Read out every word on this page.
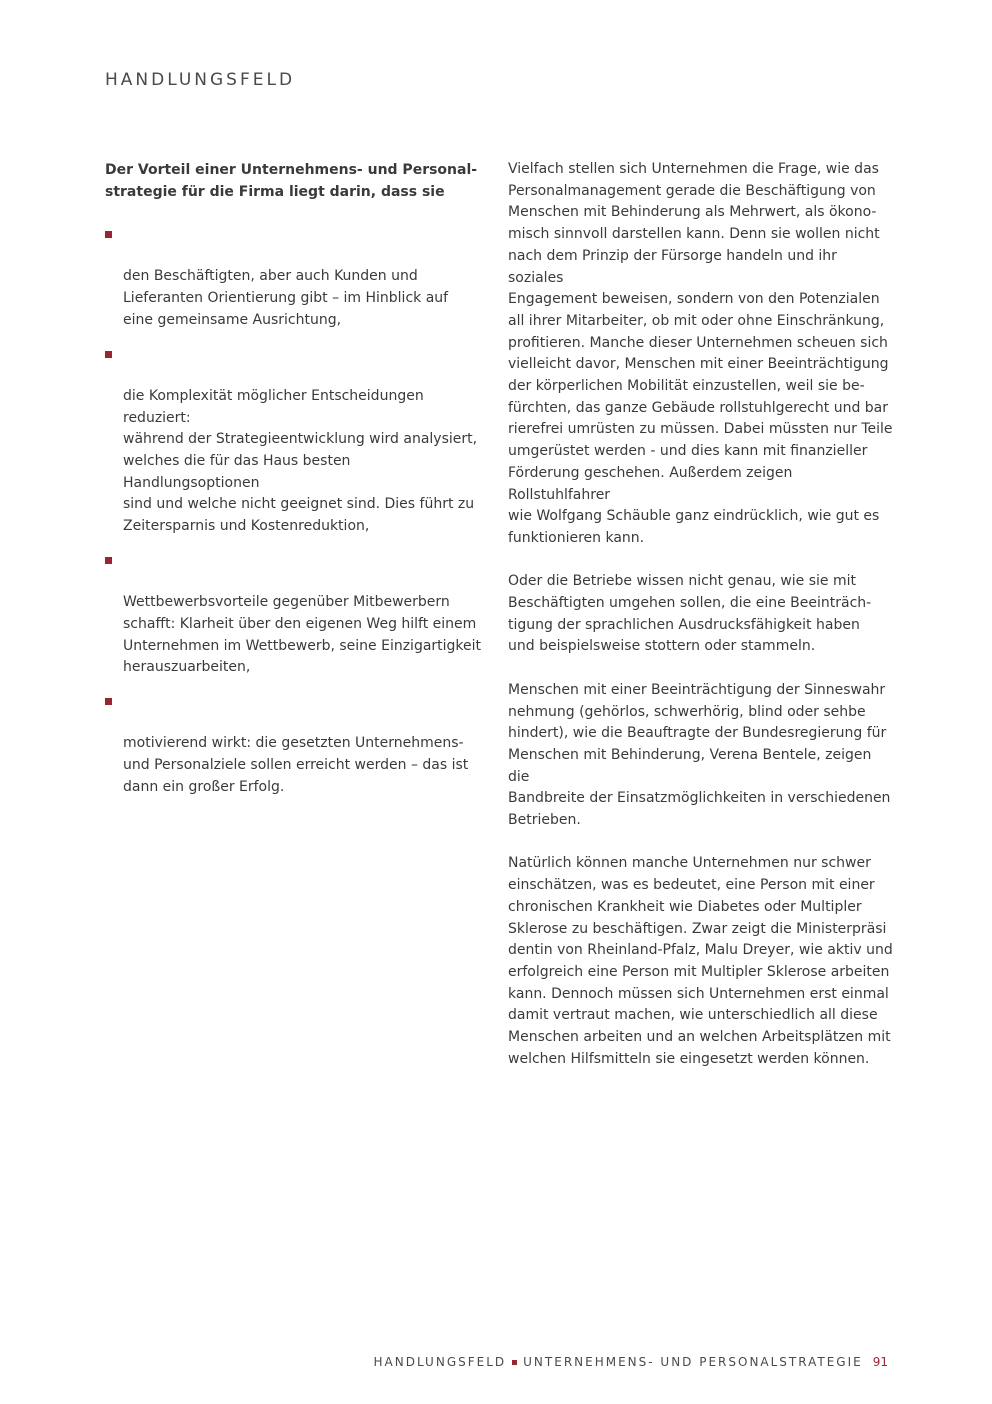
HANDLUNGSFELD

Der Vorteil einer Unternehmens- und Personal- strategie für die Firma liegt darin, dass sie

den Beschäftigten, aber auch Kunden und
Lieferanten Orientierung gibt – im Hinblick auf
eine gemeinsame Ausrichtung,

die Komplexität möglicher Entscheidungen reduziert:
während der Strategieentwicklung wird analysiert,
welches die für das Haus besten Handlungsoptionen
sind und welche nicht geeignet sind. Dies führt zu
Zeitersparnis und Kostenreduktion,

Wettbewerbsvorteile gegenüber Mitbewerbern
schafft: Klarheit über den eigenen Weg hilft einem
Unternehmen im Wettbewerb, seine Einzigartigkeit
herauszuarbeiten,

motivierend wirkt: die gesetzten Unternehmens-
und Personalziele sollen erreicht werden – das ist
dann ein großer Erfolg.

Vielfach stellen sich Unternehmen die Frage, wie das
Personalmanagement gerade die Beschäftigung von
Menschen mit Behinderung als Mehrwert, als ökono-
misch sinnvoll darstellen kann. Denn sie wollen nicht
nach dem Prinzip der Fürsorge handeln und ihr soziales
Engagement beweisen, sondern von den Potenzialen
all ihrer Mitarbeiter, ob mit oder ohne Einschränkung,
profitieren. Manche dieser Unternehmen scheuen sich
vielleicht davor, Menschen mit einer Beeinträchtigung
der körperlichen Mobilität einzustellen, weil sie be-
fürchten, das ganze Gebäude rollstuhlgerecht und bar
rierefrei umrüsten zu müssen. Dabei müssten nur Teile
umgerüstet werden - und dies kann mit finanzieller
Förderung geschehen. Außerdem zeigen Rollstuhlfahrer
wie Wolfgang Schäuble ganz eindrücklich, wie gut es
funktionieren kann.

Oder die Betriebe wissen nicht genau, wie sie mit
Beschäftigten umgehen sollen, die eine Beeinträch-
tigung der sprachlichen Ausdrucksfähigkeit haben
und beispielsweise stottern oder stammeln.

Menschen mit einer Beeinträchtigung der Sinneswahr
nehmung (gehörlos, schwerhörig, blind oder sehbe
hindert), wie die Beauftragte der Bundesregierung für
Menschen mit Behinderung, Verena Bentele, zeigen die
Bandbreite der Einsatzmöglichkeiten in verschiedenen
Betrieben.

Natürlich können manche Unternehmen nur schwer
einschätzen, was es bedeutet, eine Person mit einer
chronischen Krankheit wie Diabetes oder Multipler
Sklerose zu beschäftigen. Zwar zeigt die Ministerpräsi
dentin von Rheinland-Pfalz, Malu Dreyer, wie aktiv und
erfolgreich eine Person mit Multipler Sklerose arbeiten
kann. Dennoch müssen sich Unternehmen erst einmal
damit vertraut machen, wie unterschiedlich all diese
Menschen arbeiten und an welchen Arbeitsplätzen mit
welchen Hilfsmitteln sie eingesetzt werden können.

HANDLUNGSFELD UNTERNEHMENS- UND PERSONALSTRATEGIE 91
